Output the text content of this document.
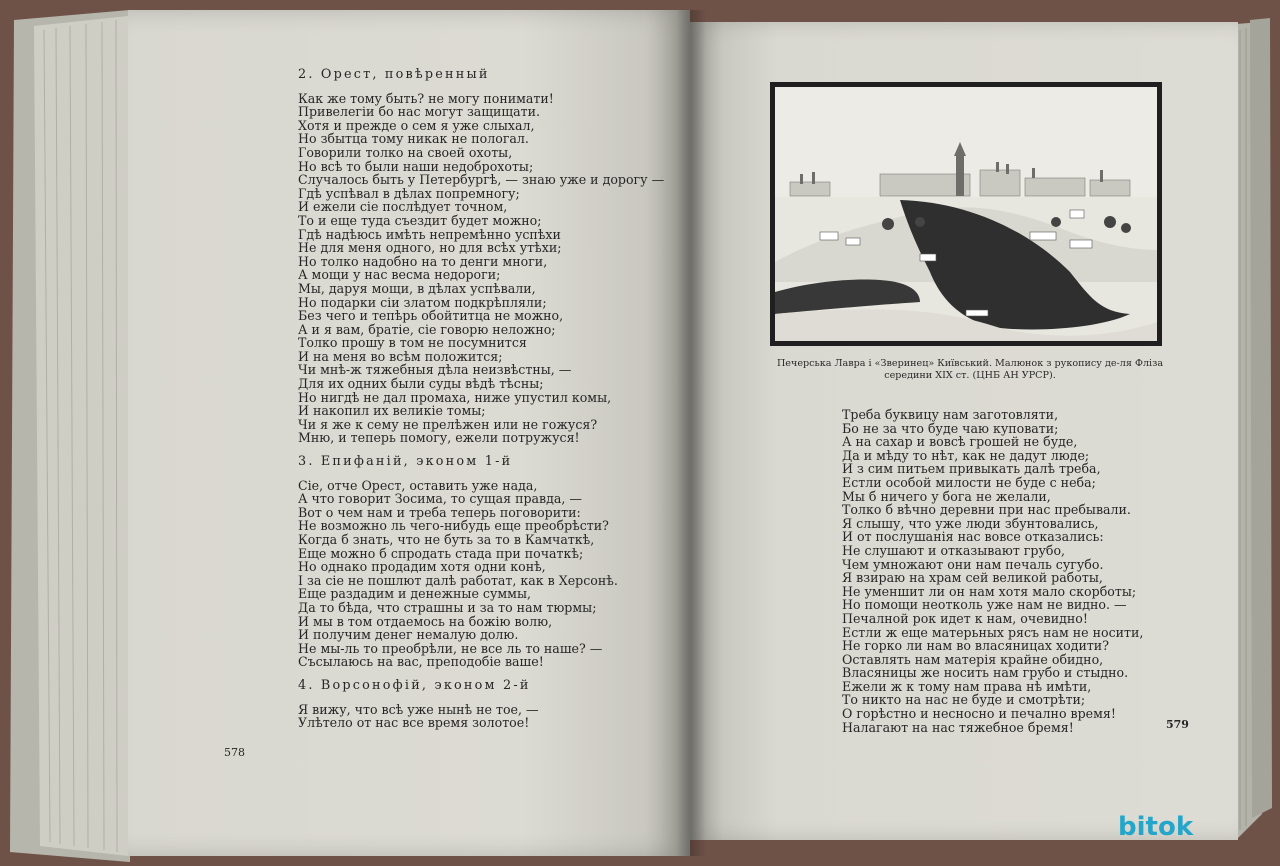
2. Орест, повѣренный
Как же тому быть? не могу понимати!
Привелегіи бо нас могут защищати.
Хотя и прежде о сем я уже слыхал,
Но збытца тому никак не пологал.
Говорили толко на своей охоты,
Но всѣ то были наши недоброхоты;
Случалось быть у Петербургѣ, — знаю уже и дорогу —
Гдѣ успѣвал в дѣлах попремногу;
И ежели сіе послѣдует точном,
То и еще туда съездит будет можно;
Гдѣ надѣюсь имѣть непремѣнно успѣхи
Не для меня одного, но для всѣх утѣхи;
Но толко надобно на то денги многи,
А мощи у нас весма недороги;
Мы, даруя мощи, в дѣлах успѣвали,
Но подарки сіи златом подкрѣпляли;
Без чего и тепѣрь обойтитца не можно,
А и я вам, братіе, сіе говорю неложно;
Толко прошу в том не посумнится
И на меня во всѣм положится;
Чи мнѣ-ж тяжебныя дѣла неизвѣстны, —
Для их одних были суды вѣдѣ тѣсны;
Но нигдѣ не дал промаха, ниже упустил комы,
И накопил их великіе томы;
Чи я же к сему не прелѣжен или не гожуся?
Мню, и теперь помогу, ежели потружуся!
3. Епифаній, эконом 1-й
Сіе, отче Орест, оставить уже нада,
А что говорит Зосима, то сущая правда, —
Вот о чем нам и треба теперь поговорити:
Не возможно ль чего-нибудь еще преобрѣсти?
Когда б знать, что не буть за то в Камчаткѣ,
Еще можно б спродать стада при початкѣ;
Но однако продадим хотя одни конѣ,
І за сіе не пошлют далѣ работат, как в Херсонѣ.
Еще раздадим и денежные суммы,
Да то бѣда, что страшны и за то нам тюрмы;
И мы в том отдаемось на божію волю,
И получим денег немалую долю.
Не мы-ль то преобрѣли, не все ль то наше? —
Съсылаюсь на вас, преподобіе ваше!
4. Ворсонофій, эконом 2-й
Я вижу, что всѣ уже нынѣ не тое, —
Улѣтело от нас все время золотое!
578
Печерська Лавра і «Зверинец» Київський. Малюнок з рукопису де-ля Фліза
середини XIX ст. (ЦНБ АН УРСР).
Треба буквицу нам заготовляти,
Бо не за что буде чаю куповати;
А на сахар и вовсѣ грошей не буде,
Да и мѣду то нѣт, как не дадут люде;
И з сим питьем привыкать далѣ треба,
Естли особой милости не буде с неба;
Мы б ничего у бога не желали,
Толко б вѣчно деревни при нас пребывали.
Я слышу, что уже люди збунтовались,
И от послушанія нас вовсе отказались:
Не слушают и отказывают грубо,
Чем умножают они нам печаль сугубо.
Я взираю на храм сей великой работы,
Не уменшит ли он нам хотя мало скорботы;
Но помощи неотколь уже нам не видно. —
Печалной рок идет к нам, очевидно!
Естли ж еще матерьных рясъ нам не носити,
Не горко ли нам во власяницах ходити?
Оставлять нам матерія крайне обидно,
Власяницы же носить нам грубо и стыдно.
Ежели ж к тому нам права нѣ имѣти,
То никто на нас не буде и смотрѣти;
О горѣстно и несносно и печално время!
Налагают на нас тяжебное бремя!	579
bitok
